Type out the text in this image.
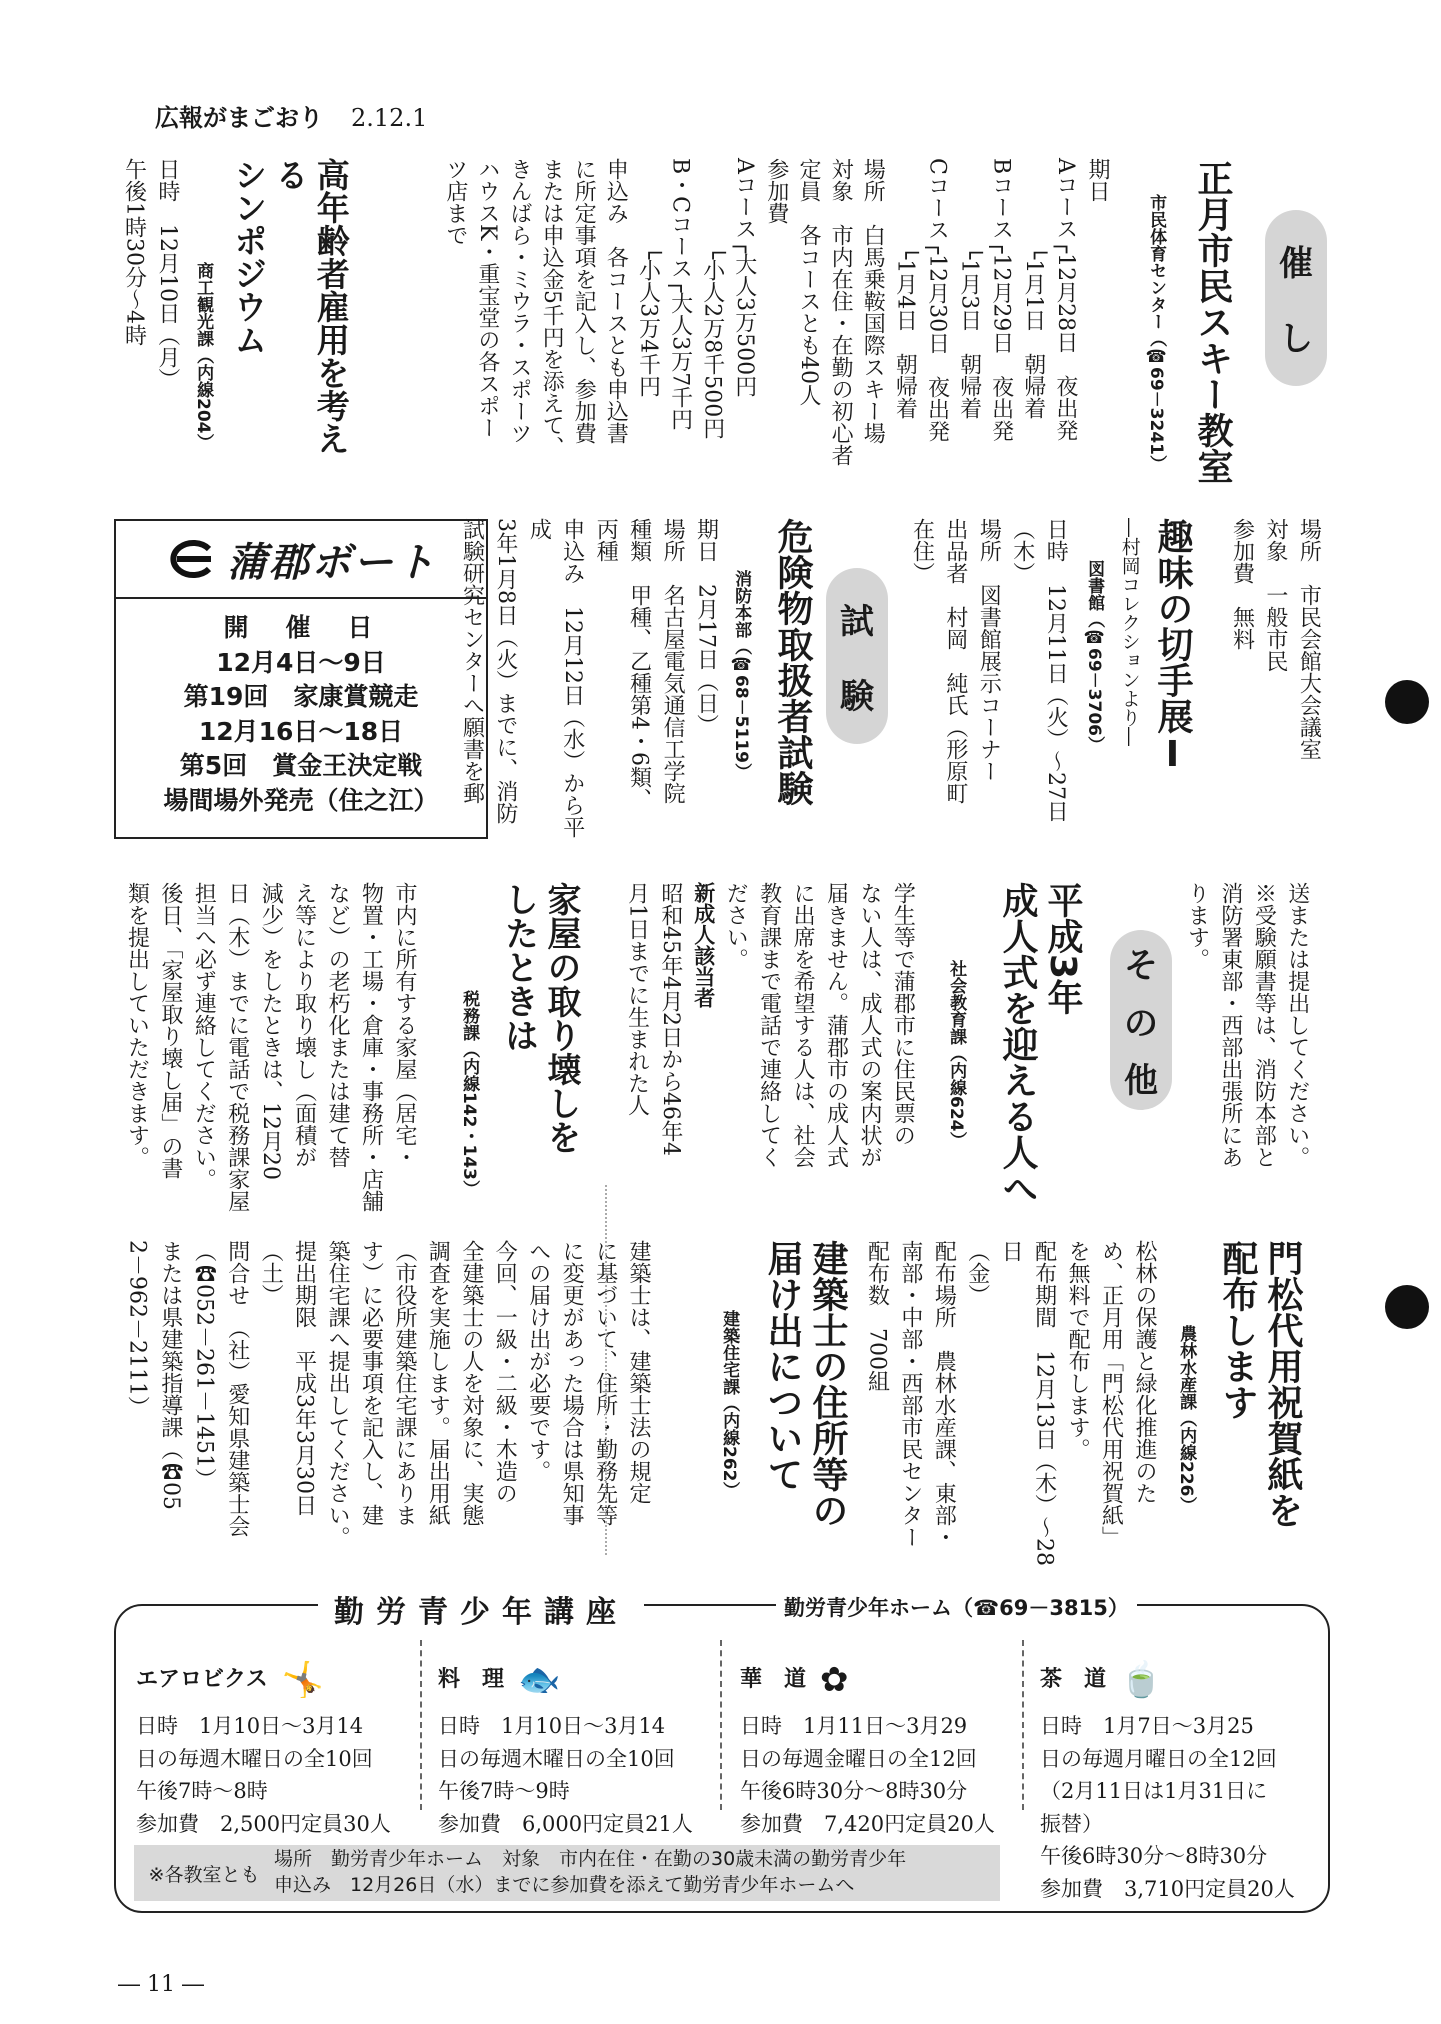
広報がまごおり 2.12.1
催
し
試
験
そ
の
他
正月市民スキー教室
市民体育センター（☎69－3241）
期日
Aコース┌12月28日　夜出発
　　　　└1月1日　朝帰着
Bコース┌12月29日　夜出発
　　　　└1月3日　朝帰着
Cコース┌12月30日　夜出発
　　　　└1月4日　朝帰着
場所　白馬乗鞍国際スキー場
対象　市内在住・在勤の初心者
定員　各コースとも40人
参加費
Aコース┌大人3万500円
　　　　└小人2万8千500円
B・Cコース┌大人3万7千円
　　　　└小人3万4千円
申込み　各コースとも申込書
に所定事項を記入し、参加費
または申込金5千円を添えて、
きんばら・ミウラ・スポーツ
ハウスK・重宝堂の各スポー
ツ店まで
高年齢者雇用を考える
シンポジウム
商工観光課（内線204）
日時　12月10日（月）
午後1時30分～4時
場所　市民会館大会議室
対象　一般市民
参加費　無料
趣味の切手展Ⅰ
―村岡コレクションより―
図書館（☎69－3706）
日時　12月11日（火）～27日（木）
場所　図書館展示コーナー
出品者　村岡　純氏（形原町
在住）
危険物取扱者試験
消防本部（☎68－5119）
期日　2月17日（日）
場所　名古屋電気通信工学院
種類　甲種、乙種第4・6類、
丙種
申込み　12月12日（水）から平成
3年1月8日（火）までに、消防
試験研究センターへ願書を郵
送または提出してください。
※受験願書等は、消防本部と
消防署東部・西部出張所にあ
ります。
蒲郡ボート
開　催　日
12月4日～9日
第19回　家康賞競走
12月16日～18日
第5回　賞金王決定戦
場間場外発売（住之江）
平成3年
成人式を迎える人へ
社会教育課（内線624）
学生等で蒲郡市に住民票の
ない人は、成人式の案内状が
届きません。蒲郡市の成人式
に出席を希望する人は、社会
教育課まで電話で連絡してく
ださい。
新成人該当者
昭和45年4月2日から46年4
月1日までに生まれた人
家屋の取り壊しを
したときは
税務課（内線142・143）
市内に所有する家屋（居宅・
物置・工場・倉庫・事務所・店舗
など）の老朽化または建て替
え等により取り壊し（面積が
減少）をしたときは、12月20
日（木）までに電話で税務課家屋
担当へ必ず連絡してください。
後日、「家屋取り壊し届」の書
類を提出していただきます。
門松代用祝賀紙を
配布します
農林水産課（内線226）
松林の保護と緑化推進のた
め、正月用「門松代用祝賀紙」
を無料で配布します。
配布期間　12月13日（木）～28日
（金）
配布場所　農林水産課、東部・
南部・中部・西部市民センター
配布数　700組
建築士の住所等の
届け出について
建築住宅課（内線262）
建築士は、建築士法の規定
に基づいて、住所・勤務先等
に変更があった場合は県知事
への届け出が必要です。
今回、一級・二級・木造の
全建築士の人を対象に、実態
調査を実施します。届出用紙
（市役所建築住宅課にありま
す）に必要事項を記入し、建
築住宅課へ提出してください。
提出期限　平成3年3月30日
（土）
問合せ　（社）愛知県建築士会
（☎052－261－1451）
または県建築指導課（☎05
2－962－2111）
勤労青少年講座	勤労青少年ホーム（☎69－3815）
エアロビクス 🤸
日時　1月10日～3月14
日の毎週木曜日の全10回
午後7時～8時
参加費　2,500円定員30人
料　理 🐟
日時　1月10日～3月14
日の毎週木曜日の全10回
午後7時～9時
参加費　6,000円定員21人
華　道 ✿
日時　1月11日～3月29
日の毎週金曜日の全12回
午後6時30分～8時30分
参加費　7,420円定員20人
茶　道 🍵
日時　1月7日～3月25
日の毎週月曜日の全12回
（2月11日は1月31日に
振替）
午後6時30分～8時30分
参加費　3,710円定員20人
※各教室とも
場所　勤労青少年ホーム　対象　市内在住・在勤の30歳未満の勤労青少年
申込み　12月26日（水）までに参加費を添えて勤労青少年ホームへ
― 11 ―
